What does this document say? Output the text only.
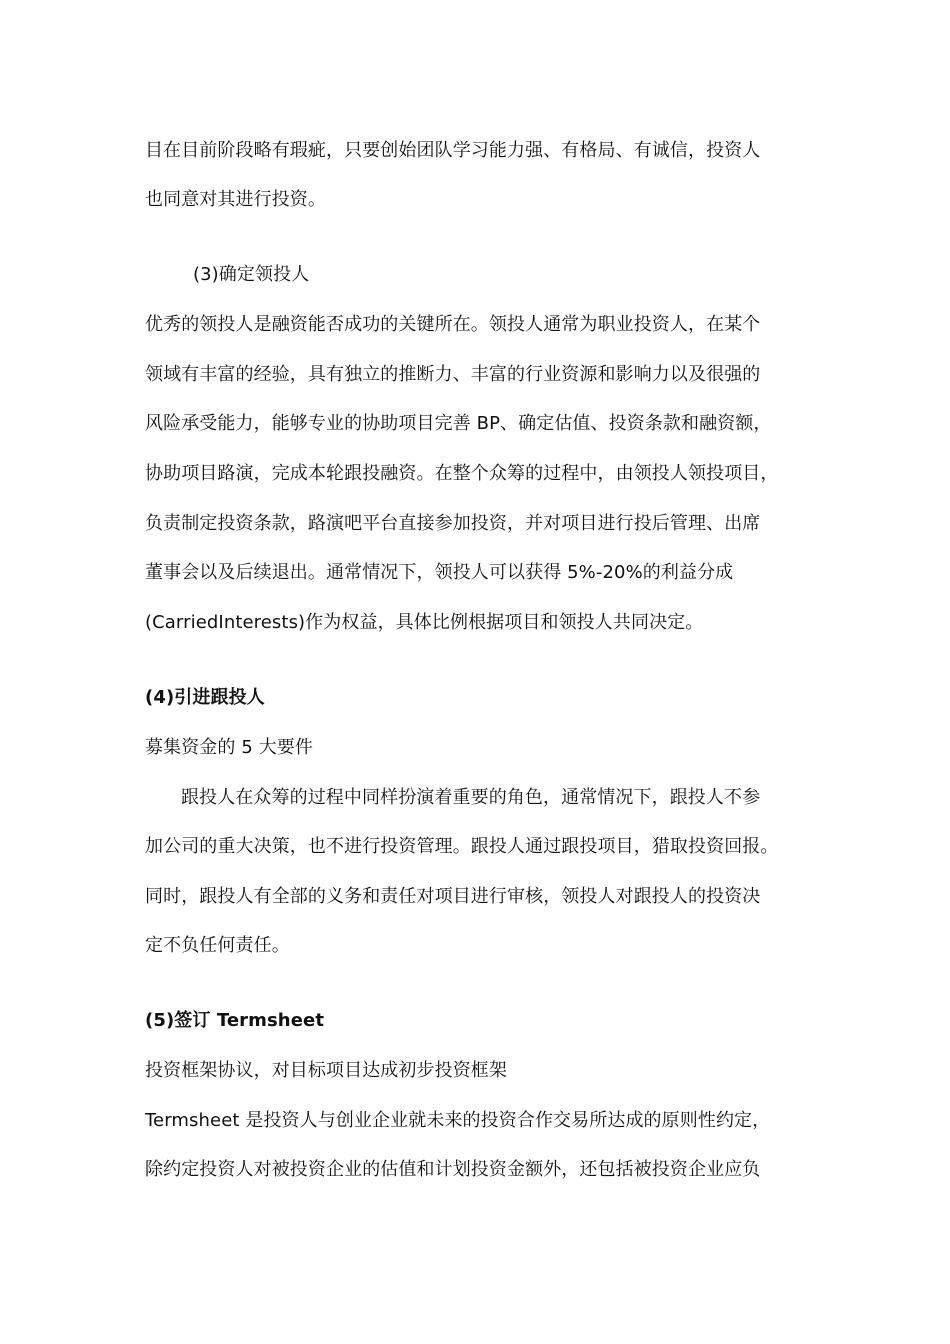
目在目前阶段略有瑕疵，只要创始团队学习能力强、有格局、有诚信，投资人
也同意对其进行投资。
(3)确定领投人
优秀的领投人是融资能否成功的关键所在。领投人通常为职业投资人，在某个
领域有丰富的经验，具有独立的推断力、丰富的行业资源和影响力以及很强的
风险承受能力，能够专业的协助项目完善 BP、确定估值、投资条款和融资额，
协助项目路演，完成本轮跟投融资。在整个众筹的过程中，由领投人领投项目，
负责制定投资条款，路演吧平台直接参加投资，并对项目进行投后管理、出席
董事会以及后续退出。通常情况下，领投人可以获得 5%-20%的利益分成
(CarriedInterests)作为权益，具体比例根据项目和领投人共同决定。
(4)引进跟投人
募集资金的 5 大要件
跟投人在众筹的过程中同样扮演着重要的角色，通常情况下，跟投人不参
加公司的重大决策，也不进行投资管理。跟投人通过跟投项目，猎取投资回报。
同时，跟投人有全部的义务和责任对项目进行审核，领投人对跟投人的投资决
定不负任何责任。
(5)签订 Termsheet
投资框架协议，对目标项目达成初步投资框架
Termsheet 是投资人与创业企业就未来的投资合作交易所达成的原则性约定，
除约定投资人对被投资企业的估值和计划投资金额外，还包括被投资企业应负
